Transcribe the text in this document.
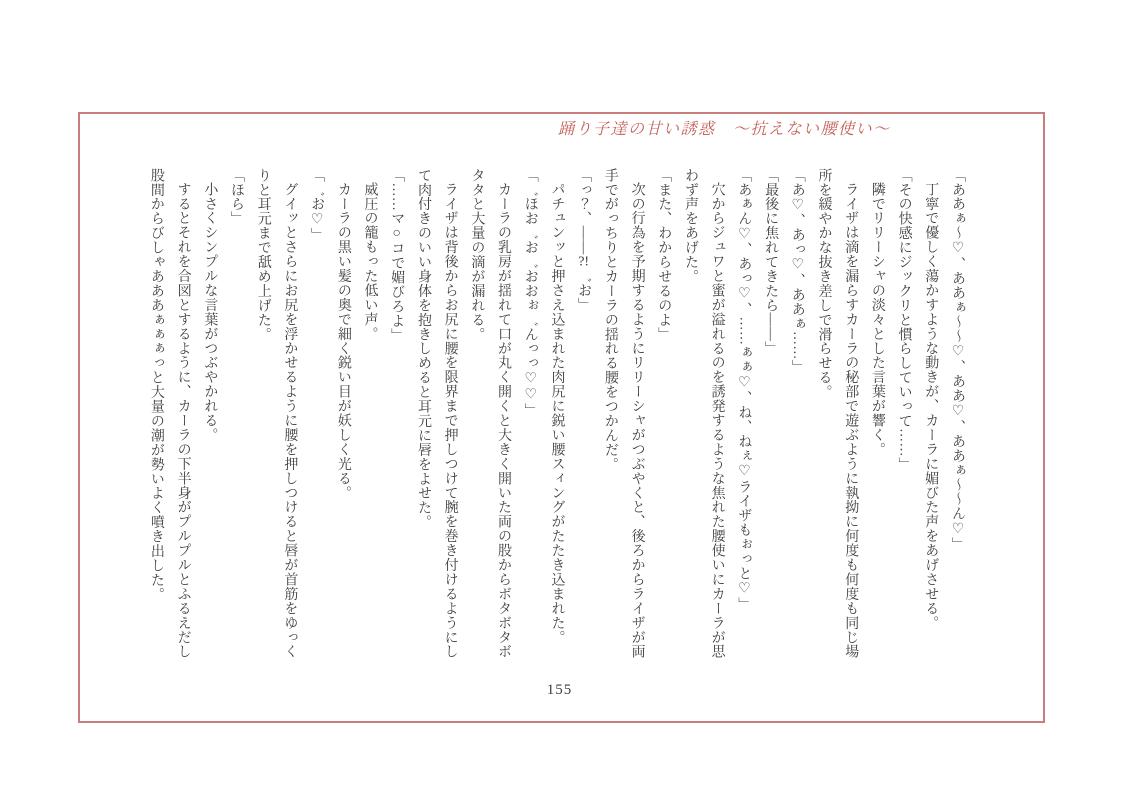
踊り子達の甘い誘惑　〜抗えない腰使い〜

「ああぁ〜♡、ああぁ〜〜♡、ああ♡、ああぁ〜〜ん♡」

丁寧で優しく蕩かすような動きが、カーラに媚びた声をあげさせる。

「その快感にジックリと慣らしていって……」

隣でリリーシャの淡々とした言葉が響く。

ライザは滴を漏らすカーラの秘部で遊ぶように執拗に何度も何度も同じ場所を緩やかな抜き差しで滑らせる。

「あ♡、あっ♡、ああぁ……」

「最後に焦れてきたら――」

「あぁん♡、あっ♡、……ぁぁ♡、ね、ねぇ♡ライザもぉっと♡」

穴からジュワと蜜が溢れるのを誘発するような焦れた腰使いにカーラが思わず声をあげた。

「また、わからせるのよ」

次の行為を予期するようにリリーシャがつぶやくと、後ろからライザが両手でがっちりとカーラの揺れる腰をつかんだ。

「っ？、――?!゛お」

パチュンッと押さえ込まれた肉尻に鋭い腰スィングがたたき込まれた。

「゛ほお゛お゛おおぉ゛んっっ♡♡」

カーラの乳房が揺れて口が丸く開くと大きく開いた両の股からボタボタボタタと大量の滴が漏れる。

ライザは背後からお尻に腰を限界まで押しつけて腕を巻き付けるようにして肉付きのいい身体を抱きしめると耳元に唇をよせた。

「……マ○コで媚びろよ」

威圧の籠もった低い声。

カーラの黒い髪の奥で細く鋭い目が妖しく光る。

「゛お♡」

グイッとさらにお尻を浮かせるように腰を押しつけると唇が首筋をゆっくりと耳元まで舐め上げた。

「ほら」

小さくシンプルな言葉がつぶやかれる。

するとそれを合図とするように、カーラの下半身がプルプルとふるえだし股間からびしゃあああぁぁぁっと大量の潮が勢いよく噴き出した。

155
